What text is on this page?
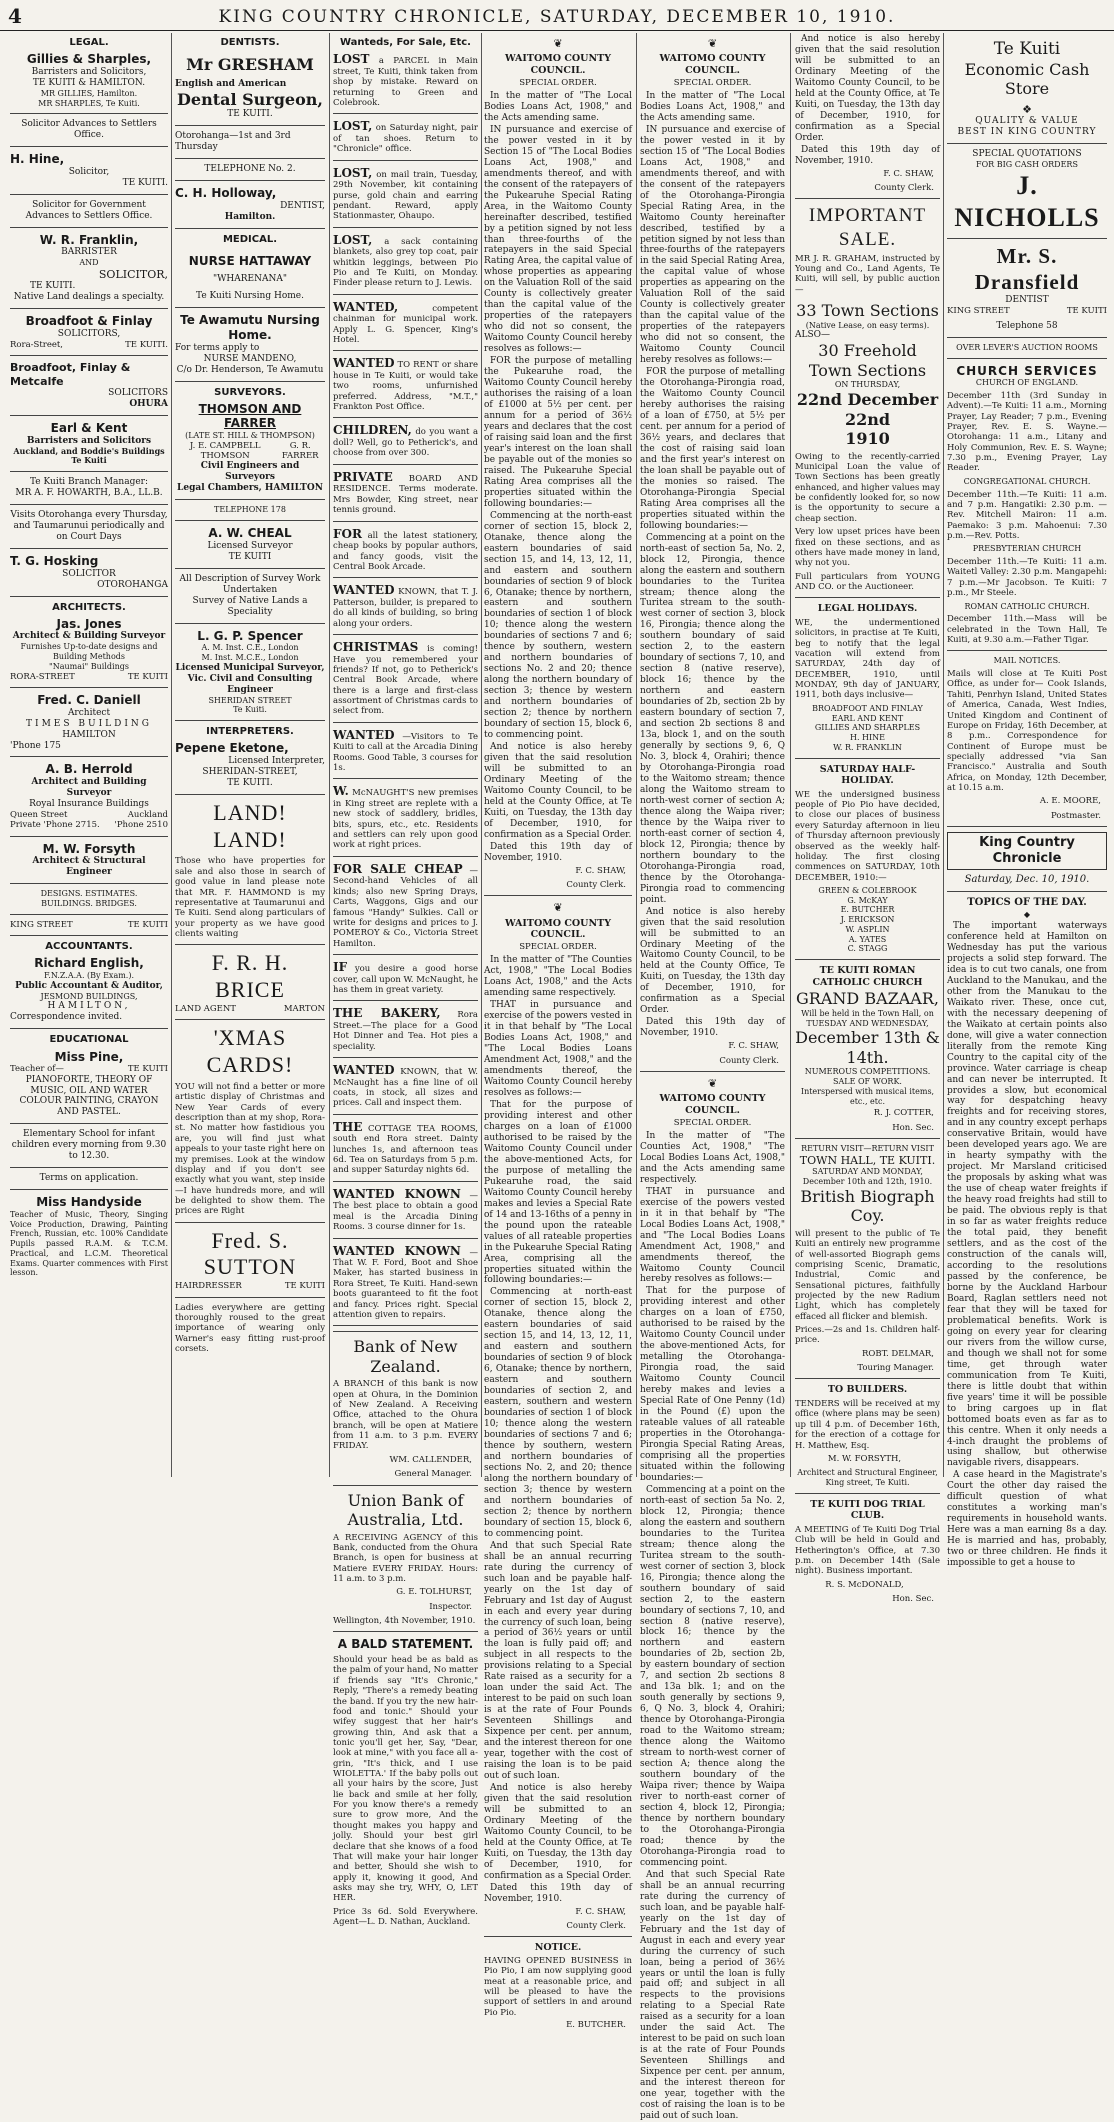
4	KING COUNTRY CHRONICLE, SATURDAY, DECEMBER 10, 1910.
LEGAL.
Gillies & Sharples,
Barristers and Solicitors,
TE KUITI & HAMILTON.
MR GILLIES, Hamilton.
MR SHARPLES, Te Kuiti.
Solicitor Advances to Settlers Office.
H. Hine,
Solicitor,
TE KUITI.
Solicitor for Government Advances to Settlers Office.
W. R. Franklin,
BARRISTER
AND
SOLICITOR,
TE KUITI.
Native Land dealings a specialty.
Broadfoot & Finlay
SOLICITORS,
Rora-Street,	TE KUITI.
Broadfoot, Finlay & Metcalfe
SOLICITORS
OHURA
Earl & Kent
Barristers and Solicitors
Auckland, and Boddie's Buildings Te Kuiti
Te Kuiti Branch Manager:
MR A. F. HOWARTH, B.A., LL.B.
Visits Otorohanga every Thursday, and Taumarunui periodically and on Court Days
T. G. Hosking
SOLICITOR
OTOROHANGA
ARCHITECTS.
Jas. Jones
Architect & Building Surveyor
Furnishes Up-to-date designs and Building Methods
"Naumai" Buildings
RORA-STREET	TE KUITI
Fred. C. Daniell
Architect
TIMES BUILDING
HAMILTON
'Phone 175
A. B. Herrold
Architect and Building Surveyor
Royal Insurance Buildings
Queen Street	Auckland
Private 'Phone 2715. 'Phone 2510
M. W. Forsyth
Architect & Structural Engineer
DESIGNS. ESTIMATES.
BUILDINGS. BRIDGES.
KING STREET	TE KUITI
ACCOUNTANTS.
Richard English,
F.N.Z.A.A. (By Exam.).
Public Accountant & Auditor,
JESMOND BUILDINGS,
HAMILTON,
Correspondence invited.
EDUCATIONAL
Miss Pine,
Teacher of—	TE KUITI
PIANOFORTE, THEORY OF MUSIC, OIL AND WATER COLOUR PAINTING, CRAYON AND PASTEL.
Elementary School for infant children every morning from 9.30 to 12.30.
Terms on application.
Miss Handyside
Teacher of Music, Theory, Singing Voice Production, Drawing, Painting French, Russian, etc. 100% Candidate Pupils passed R.A.M. & T.C.M. Practical, and L.C.M. Theoretical Exams. Quarter commences with First lesson.
DENTISTS.
Mr GRESHAM
English and American
Dental Surgeon,
TE KUITI.
Otorohanga—1st and 3rd Thursday
TELEPHONE No. 2.
C. H. Holloway,
DENTIST,
Hamilton.
MEDICAL.
NURSE HATTAWAY
"WHARENANA"
Te Kuiti Nursing Home.
Te Awamutu Nursing Home.
For terms apply to
NURSE MANDENO,
C/o Dr. Henderson, Te Awamutu
SURVEYORS.
THOMSON AND FARRER
(LATE ST. HILL & THOMPSON)
J. E. CAMPBELL THOMSON
G. R. FARRER
Civil Engineers and Surveyors
Legal Chambers, HAMILTON
TELEPHONE 178
A. W. CHEAL
Licensed Surveyor
TE KUITI
All Description of Survey Work Undertaken
Survey of Native Lands a Speciality
L. G. P. Spencer
A. M. Inst. C.E., London
M. Inst. M.C.E., London
Licensed Municipal Surveyor, Vic. Civil and Consulting Engineer
SHERIDAN STREET
Te Kuiti.
INTERPRETERS.
Pepene Eketone,
Licensed Interpreter,
SHERIDAN-STREET,
TE KUITI.
LAND! LAND!
Those who have properties for sale and also those in search of good value in land please note that MR. F. HAMMOND is my representative at Taumarunui and Te Kuiti. Send along particulars of your property as we have good clients waiting
F. R. H. BRICE
LAND AGENT	MARTON
'XMAS CARDS!
YOU will not find a better or more artistic display of Christmas and New Year Cards of every description than at my shop, Rora-st. No matter how fastidious you are, you will find just what appeals to your taste right here on my premises. Look at the window display and if you don't see exactly what you want, step inside—I have hundreds more, and will be delighted to show them. The prices are Right
Fred. S. SUTTON
HAIRDRESSER	TE KUITI
Ladies everywhere are getting thoroughly roused to the great importance of wearing only Warner's easy fitting rust-proof corsets.
Wanteds, For Sale, Etc.
LOST a PARCEL in Main street, Te Kuiti, think taken from shop by mistake. Reward on returning to Green and Colebrook.
LOST, on Saturday night, pair of tan shoes. Return to "Chronicle" office.
LOST, on mail train, Tuesday, 29th November, kit containing purse, gold chain and earring pendant. Reward, apply Stationmaster, Ohaupo.
LOST, a sack containing blankets, also grey top coat, pair whitkin leggings, between Pio Pio and Te Kuiti, on Monday. Finder please return to J. Lewis.
WANTED,	competent chainman for municipal work. Apply L. G. Spencer, King's Hotel.
WANTED TO RENT or share house in Te Kuiti, or would take two rooms, unfurnished preferred. Address, "M.T.," Frankton Post Office.
CHILDREN, do you want a doll? Well, go to Petherick's, and choose from over 300.
PRIVATE BOARD AND RESIDENCE. Terms moderate. Mrs Bowder, King street, near tennis ground.
FOR all the latest stationery, cheap books by popular authors, and fancy goods, visit the Central Book Arcade.
WANTED KNOWN, that T. J. Patterson, builder, is prepared to do all kinds of building, so bring along your orders.
CHRISTMAS is coming! Have you remembered your friends? If not, go to Petherick's Central Book Arcade, where there is a large and first-class assortment of Christmas cards to select from.
WANTED —Visitors to Te Kuiti to call at the Arcadia Dining Rooms. Good Table, 3 courses for 1s.
W. McNAUGHT'S new premises in King street are replete with a new stock of saddlery, bridles, bits, spurs, etc., etc. Residents and settlers can rely upon good work at right prices.
FOR SALE CHEAP —Second-hand Vehicles of all kinds; also new Spring Drays, Carts, Waggons, Gigs and our famous "Handy" Sulkies. Call or write for designs and prices to J. POMEROY & Co., Victoria Street Hamilton.
IF you desire a good horse cover, call upon W. McNaught, he has them in great variety.
THE BAKERY, Rora Street.—The place for a Good Hot Dinner and Tea. Hot pies a speciality.
WANTED KNOWN, that W. McNaught has a fine line of oil coats, in stock, all sizes and prices. Call and inspect them.
THE COTTAGE TEA ROOMS, south end Rora street. Dainty lunches 1s, and afternoon teas 6d. Tea on Saturdays from 5 p.m. and supper Saturday nights 6d.
WANTED KNOWN —The best place to obtain a good meal is the Arcadia Dining Rooms. 3 course dinner for 1s.
WANTED KNOWN —That W. F. Ford, Boot and Shoe Maker, has started business in Rora Street, Te Kuiti. Hand-sewn boots guaranteed to fit the foot and fancy. Prices right. Special attention given to repairs.
Bank of New Zealand.
A BRANCH of this bank is now open at Ohura, in the Dominion of New Zealand. A Receiving Office, attached to the Ohura branch, will be open at Matiere from 11 a.m. to 3 p.m. EVERY FRIDAY.
WM. CALLENDER,
General Manager.
Union Bank of Australia, Ltd.
A RECEIVING AGENCY of this Bank, conducted from the Ohura Branch, is open for business at Matiere EVERY FRIDAY. Hours: 11 a.m. to 3 p.m.
G. E. TOLHURST,
Inspector.
Wellington, 4th November, 1910.
A BALD STATEMENT.
Should your head be as bald as the palm of your hand, No matter if friends say "It's Chronic," Reply, "There's a remedy beating the band. If you try the new hair-food and tonic." Should your wifey suggest that her hair's growing thin, And ask that a tonic you'll get her, Say, "Dear, look at mine," with you face all a-grin, "It's thick, and I use WIOLETTA.' If the baby polls out all your hairs by the score, Just lie back and smile at her folly, For you know there's a remedy sure to grow more, And the thought makes you happy and jolly. Should your best girl declare that she knows of a food That will make your hair longer and better, Should she wish to apply it, knowing it good, And asks may she try, WHY, O, LET HER.
Price 3s 6d. Sold Everywhere. Agent—L. D. Nathan, Auckland.
❦
WAITOMO COUNTY COUNCIL.
SPECIAL ORDER.

In the matter of "The Local Bodies Loans Act, 1908," and the Acts amending same.

IN pursuance and exercise of the power vested in it by Section 15 of "The Local Bodies Loans Act, 1908," and amendments thereof, and with the consent of the ratepayers of the Pukearuhe Special Rating Area, in the Waitomo County hereinafter described, testified by a petition signed by not less than three-fourths of the ratepayers in the said Special Rating Area, the capital value of whose properties as appearing on the Valuation Roll of the said County is collectively greater than the capital value of the properties of the ratepayers who did not so consent, the Waitomo County Council hereby resolves as follows:—

FOR the purpose of metalling the Pukearuhe road, the Waitomo County Council hereby authorises the raising of a loan of £1000 at 5½ per cent. per annum for a period of 36½ years and declares that the cost of raising said loan and the first year's interest on the loan shall be payable out of the monies so raised. The Pukearuhe Special Rating Area comprises all the properties situated within the following boundaries:—

Commencing at the north-east corner of section 15, block 2, Otanake, thence along the eastern boundaries of said section 15, and 14, 13, 12, 11, and eastern and southern boundaries of section 9 of block 6, Otanake; thence by northern, eastern and southern boundaries of section 1 of block 10; thence along the western boundaries of sections 7 and 6; thence by southern, western and northern boundaries of sections No. 2 and 20; thence along the northern boundary of section 3; thence by western and northern boundaries of section 2; thence by northern boundary of section 15, block 6, to commencing point.

And notice is also hereby given that the said resolution will be submitted to an Ordinary Meeting of the Waitomo County Council, to be held at the County Office, at Te Kuiti, on Tuesday, the 13th day of December, 1910, for confirmation as a Special Order.

Dated this 19th day of November, 1910.

F. C. SHAW,
County Clerk.
❦
WAITOMO COUNTY COUNCIL.
SPECIAL ORDER.

In the matter of "The Counties Act, 1908," "The Local Bodies Loans Act, 1908," and the Acts amending same respectively.

THAT in pursuance and exercise of the powers vested in it in that behalf by "The Local Bodies Loans Act, 1908," and "The Local Bodies Loans Amendment Act, 1908," and the amendments thereof, the Waitomo County Council hereby resolves as follows:—

That for the purpose of providing interest and other charges on a loan of £1000 authorised to be raised by the Waitomo County Council under the above-mentioned Acts, for the purpose of metalling the Pukearuhe road, the said Waitomo County Council hereby makes and levies a Special Rate of 14 and 13-16ths of a penny in the pound upon the rateable values of all rateable properties in the Pukearuhe Special Rating Area, comprising all the properties situated within the following boundaries:—

Commencing at north-east corner of section 15, block 2, Otanake, thence along the eastern boundaries of said section 15, and 14, 13, 12, 11, and eastern and southern boundaries of section 9 of block 6, Otanake; thence by northern, eastern and southern boundaries of section 2, and eastern, southern and western boundaries of section 1 of block 10; thence along the western boundaries of sections 7 and 6; thence by southern, western and northern boundaries of sections No. 2, and 20; thence along the northern boundary of section 3; thence by western and northern boundaries of section 2; thence by northern boundary of section 15, block 6, to commencing point.

And that such Special Rate shall be an annual recurring rate during the currency of such loan and be payable half-yearly on the 1st day of February and 1st day of August in each and every year during the currency of such loan, being a period of 36½ years or until the loan is fully paid off; and subject in all respects to the provisions relating to a Special Rate raised as a security for a loan under the said Act. The interest to be paid on such loan is at the rate of Four Pounds Seventeen Shillings and Sixpence per cent. per annum, and the interest thereon for one year, together with the cost of raising the loan is to be paid out of such loan.

And notice is also hereby given that the said resolution will be submitted to an Ordinary Meeting of the Waitomo County Council, to be held at the County Office, at Te Kuiti, on Tuesday, the 13th day of December, 1910, for confirmation as a Special Order.

Dated this 19th day of November, 1910.

F. C. SHAW,
County Clerk.
NOTICE.
HAVING OPENED BUSINESS in Pio Pio, I am now supplying good meat at a reasonable price, and will be pleased to have the support of settlers in and around Pio Pio.
E. BUTCHER.
❦
WAITOMO COUNTY COUNCIL.
SPECIAL ORDER.

In the matter of "The Local Bodies Loans Act, 1908," and the Acts amending same.

IN pursuance and exercise of the power vested in it by section 15 of "The Local Bodies Loans Act, 1908," and amendments thereof, and with the consent of the ratepayers of the Otorohanga-Pirongia Special Rating Area, in the Waitomo County hereinafter described, testified by a petition signed by not less than three-fourths of the ratepayers in the said Special Rating Area, the capital value of whose properties as appearing on the Valuation Roll of the said County is collectively greater than the capital value of the properties of the ratepayers who did not so consent, the Waitomo County Council hereby resolves as follows:—

FOR the purpose of metalling the Otorohanga-Pirongia road, the Waitomo County Council hereby authorises the raising of a loan of £750, at 5½ per cent. per annum for a period of 36½ years, and declares that the cost of raising said loan and the first year's interest on the loan shall be payable out of the monies so raised. The Otorohanga-Pirongia Special Rating Area comprises all the properties situated within the following boundaries:—

Commencing at a point on the north-east of section 5a, No. 2, block 12, Pirongia, thence along the eastern and southern boundaries to the Turitea stream; thence along the Turitea stream to the south-west corner of section 3, block 16, Pirongia; thence along the southern boundary of said section 2, to the eastern boundary of sections 7, 10, and section 8 (native reserve), block 16; thence by the northern and eastern boundaries of 2b, section 2b by eastern boundary of section 7, and section 2b sections 8 and 13a, block 1, and on the south generally by sections 9, 6, Q No. 3, block 4, Orahiri; thence by Otorohanga-Pirongia road to the Waitomo stream; thence along the Waitomo stream to north-west corner of section A; thence along the Waipa river; thence by the Waipa river to north-east corner of section 4, block 12, Pirongia; thence by northern boundary to the Otorohanga-Pirongia road, thence by the Otorohanga-Pirongia road to commencing point.

And notice is also hereby given that the said resolution will be submitted to an Ordinary Meeting of the Waitomo County Council, to be held at the County Office, Te Kuiti, on Tuesday, the 13th day of December, 1910, for confirmation as a Special Order.

Dated this 19th day of November, 1910.

F. C. SHAW,
County Clerk.
❦
WAITOMO COUNTY COUNCIL.
SPECIAL ORDER.

In the matter of "The Counties Act, 1908," "The Local Bodies Loans Act, 1908," and the Acts amending same respectively.

THAT in pursuance and exercise of the powers vested in it in that behalf by "The Local Bodies Loans Act, 1908," and "The Local Bodies Loans Amendment Act, 1908," and amendments thereof, the Waitomo County Council hereby resolves as follows:—

That for the purpose of providing interest and other charges on a loan of £750, authorised to be raised by the Waitomo County Council under the above-mentioned Acts, for metalling the Otorohanga-Pirongia road, the said Waitomo County Council hereby makes and levies a Special Rate of One Penny (1d) in the Pound (£) upon the rateable values of all rateable properties in the Otorohanga-Pirongia Special Rating Areas, comprising all the properties situated within the following boundaries:—

Commencing at a point on the north-east of section 5a No. 2, block 12, Pirongia; thence along the eastern and southern boundaries to the Turitea stream; thence along the Turitea stream to the south-west corner of section 3, block 16, Pirongia; thence along the southern boundary of said section 2, to the eastern boundary of sections 7, 10, and section 8 (native reserve), block 16; thence by the northern and eastern boundaries of 2b, section 2b, by eastern boundary of section 7, and section 2b sections 8 and 13a blk. 1; and on the south generally by sections 9, 6, Q No. 3, block 4, Orahiri; thence by Otorohanga-Pirongia road to the Waitomo stream; thence along the Waitomo stream to north-west corner of section A; thence along the southern boundary of the Waipa river; thence by Waipa river to north-east corner of section 4, block 12, Pirongia; thence by northern boundary to the Otorohanga-Pirongia road; thence by the Otorohanga-Pirongia road to commencing point.

And that such Special Rate shall be an annual recurring rate during the currency of such loan, and be payable half-yearly on the 1st day of February and the 1st day of August in each and every year during the currency of such loan, being a period of 36½ years or until the loan is fully paid off; and subject in all respects to the provisions relating to a Special Rate raised as a security for a loan under the said Act. The interest to be paid on such loan is at the rate of Four Pounds Seventeen Shillings and Sixpence per cent. per annum, and the interest thereon for one year, together with the cost of raising the loan is to be paid out of such loan.

And notice is also hereby given that the said resolution will be submitted to an Ordinary Meeting of the Waitomo County Council, to be held at the County Office, at Te Kuiti, on Tuesday, the 13th day of December, 1910, for confirmation as a Special Order.

Dated this 19th day of November, 1910.

F. C. SHAW,
County Clerk.
IMPORTANT SALE.
MR J. R. GRAHAM, instructed by Young and Co., Land Agents, Te Kuiti, will sell, by public auction—
33 Town Sections
(Native Lease, on easy terms).
ALSO—
30 Freehold Town Sections
ON THURSDAY,
22nd December 22nd
1910
Owing to the recently-carried Municipal Loan the value of Town Sections has been greatly enhanced, and higher values may be confidently looked for, so now is the opportunity to secure a cheap section.
Very low upset prices have been fixed on these sections, and as others have made money in land, why not you.
Full particulars from YOUNG AND CO. or the Auctioneer.
LEGAL HOLIDAYS.
WE, the undermentioned solicitors, in practise at Te Kuiti, beg to notify that the legal vacation will extend from SATURDAY, 24th day of DECEMBER, 1910, until MONDAY, 9th day of JANUARY, 1911, both days inclusive—
BROADFOOT AND FINLAY
EARL AND KENT
GILLIES AND SHARPLES
H. HINE
W. R. FRANKLIN
SATURDAY HALF-HOLIDAY.
WE the undersigned business people of Pio Pio have decided, to close our places of business every Saturday afternoon in lieu of Thursday afternoon previously observed as the weekly half-holiday. The first closing commences on SATURDAY, 10th DECEMBER, 1910:—
GREEN & COLEBROOK
G. McKAY
E. BUTCHER
J. ERICKSON
W. ASPLIN
A. YATES
C. STAGG
TE KUITI ROMAN CATHOLIC CHURCH
GRAND BAZAAR,
Will be held in the Town Hall, on TUESDAY AND WEDNESDAY,
December 13th & 14th.
NUMEROUS COMPETITIONS.
SALE OF WORK.
Interspersed with musical items, etc., etc.
R. J. COTTER,
Hon. Sec.
RETURN VISIT—RETURN VISIT
TOWN HALL, TE KUITI.
SATURDAY AND MONDAY,
December 10th and 12th, 1910.
British Biograph Coy.
will present to the public of Te Kuiti an entirely new programme of well-assorted Biograph gems comprising Scenic, Dramatic, Industrial, Comic and Sensational pictures, faithfully projected by the new Radium Light, which has completely effaced all flicker and blemish.
Prices.—2s and 1s. Children half-price.
ROBT. DELMAR,
Touring Manager.
TO BUILDERS.
TENDERS will be received at my office (where plans may be seen) up till 4 p.m. of December 16th, for the erection of a cottage for H. Matthew, Esq.
M. W. FORSYTH,
Architect and Structural Engineer, King street, Te Kuiti.
TE KUITI DOG TRIAL CLUB.
A MEETING of Te Kuiti Dog Trial Club will be held in Gould and Hetherington's Office, at 7.30 p.m. on December 14th (Sale night). Business important.
R. S. McDONALD,
Hon. Sec.
Te Kuiti
Economic Cash Store
❖
QUALITY & VALUE
BEST IN KING COUNTRY
SPECIAL QUOTATIONS
FOR BIG CASH ORDERS
J. NICHOLLS
Mr. S. Dransfield
DENTIST
KING STREET	TE KUITI
Telephone 58
OVER LEVER'S AUCTION ROOMS
CHURCH SERVICES
CHURCH OF ENGLAND.
December 11th (3rd Sunday in Advent).—Te Kuiti: 11 a.m., Morning Prayer, Lay Reader; 7 p.m., Evening Prayer, Rev. E. S. Wayne.—Otorohanga: 11 a.m., Litany and Holy Communion, Rev. E. S. Wayne; 7.30 p.m., Evening Prayer, Lay Reader.
CONGREGATIONAL CHURCH.
December 11th.—Te Kuiti: 11 a.m. and 7 p.m. Hangatiki: 2.30 p.m. —Rev. Mitchell Mairon: 11 a.m. Paemako: 3 p.m. Mahoenui: 7.30 p.m.—Rev. Potts.
PRESBYTERIAN CHURCH
December 11th.—Te Kuiti: 11 a.m. Waitetl Valley: 2.30 p.m. Mangapehi: 7 p.m.—Mr Jacobson. Te Kuiti: 7 p.m., Mr Steele.
ROMAN CATHOLIC CHURCH.
December 11th.—Mass will be celebrated in the Town Hall, Te Kuiti, at 9.30 a.m.—Father Tigar.
MAIL NOTICES.
Mails will close at Te Kuiti Post Office, as under for— Cook Islands, Tahiti, Penrhyn Island, United States of America, Canada, West Indies, United Kingdom and Continent of Europe on Friday, 16th December, at 8 p.m.. Correspondence for Continent of Europe must be specially addressed "via San Francisco." Australia and South Africa, on Monday, 12th December, at 10.15 a.m.
A. E. MOORE,
Postmaster.
King Country Chronicle
Saturday, Dec. 10, 1910.
TOPICS OF THE DAY.
◆

The important waterways conference held at Hamilton on Wednesday has put the various projects a solid step forward. The idea is to cut two canals, one from Auckland to the Manukau, and the other from the Manukau to the Waikato river. These, once cut, with the necessary deepening of the Waikato at certain points also done, will give a water connection literally from the remote King Country to the capital city of the province. Water carriage is cheap and can never be interrupted. It provides a slow, but economical way for despatching heavy freights and for receiving stores, and in any country except perhaps conservative Britain, would have been developed years ago. We are in hearty sympathy with the project. Mr Marsland criticised the proposals by asking what was the use of cheap water freights if the heavy road freights had still to be paid. The obvious reply is that in so far as water freights reduce the total paid, they benefit settlers, and as the cost of the construction of the canals will, according to the resolutions passed by the conference, be borne by the Auckland Harbour Board, Raglan settlers need not fear that they will be taxed for problematical benefits. Work is going on every year for clearing our rivers from the willow curse, and though we shall not for some time, get through water communication from Te Kuiti, there is little doubt that within five years' time it will be possible to bring cargoes up in flat bottomed boats even as far as to this centre. When it only needs a 4-inch draught the problems of using shallow, but otherwise navigable rivers, disappears.

A case heard in the Magistrate's Court the other day raised the difficult question of what constitutes a working man's requirements in household wants. Here was a man earning 8s a day. He is married and has, probably, two or three children. He finds it impossible to get a house to
